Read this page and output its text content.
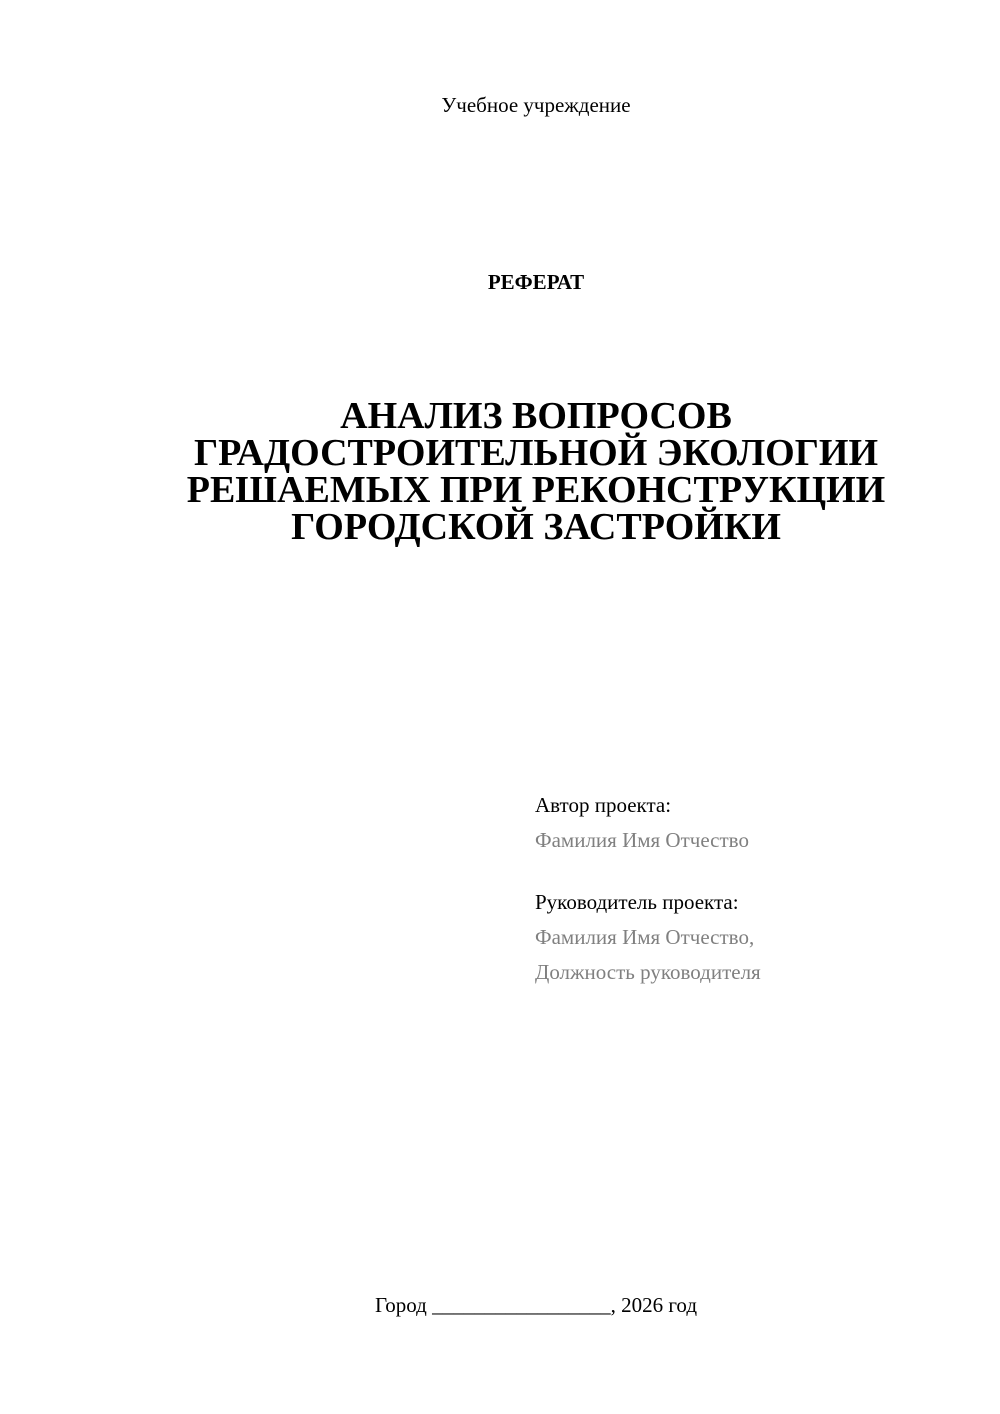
Учебное учреждение
РЕФЕРАТ
АНАЛИЗ ВОПРОСОВ
ГРАДОСТРОИТЕЛЬНОЙ ЭКОЛОГИИ
РЕШАЕМЫХ ПРИ РЕКОНСТРУКЦИИ
ГОРОДСКОЙ ЗАСТРОЙКИ
Автор проекта:
Фамилия Имя Отчество
Руководитель проекта:
Фамилия Имя Отчество,
Должность руководителя
Город _________________, 2026 год
